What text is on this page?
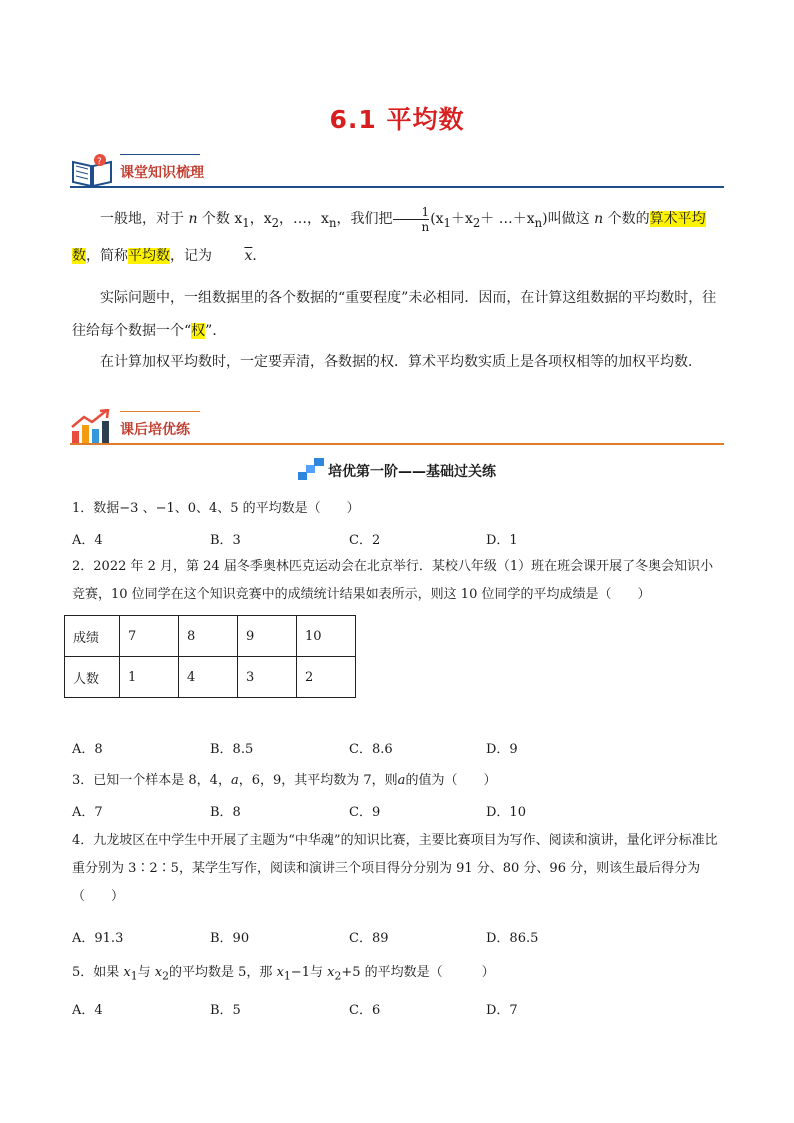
6.1 平均数
?
课堂知识梳理

一般地，对于 n 个数 $x_1$，$x_2$，…，$x_n$，我们把 $\frac{1}{n} (x_1+x_2+$ $\dots+x_n$)叫做这 n 个数的算术平均数，简称平均数，记为 $\overline{x}$．

实际问题中，一组数据里的各个数据的“重要程度”未必相同．因而，在计算这组数据的平均数时，往往给每个数据一个“权”．

在计算加权平均数时，一定要弄清，各数据的权．算术平均数实质上是各项权相等的加权平均数．

课后培优练
培优第一阶——基础过关练

1．数据−3 、−1、0、4、5 的平均数是（　　）

A．4	B．3	C．2	D．1

2．2022 年 2 月，第 24 届冬季奥林匹克运动会在北京举行．某校八年级（1）班在班会课开展了冬奥会知识小竞赛，10 位同学在这个知识竞赛中的成绩统计结果如表所示，则这 10 位同学的平均成绩是（　　）

成绩	7	8	9	10
人数	1	4	3	2
A．8	B．8.5	C．8.6	D．9

3．已知一个样本是 8，4，a，6，9，其平均数为 7，则a的值为（　　）

A．7	B．8	C．9	D．10

4．九龙坡区在中学生中开展了主题为“中华魂”的知识比赛，主要比赛项目为写作、阅读和演讲，量化评分标准比重分别为 3∶2∶5，某学生写作，阅读和演讲三个项目得分分别为 91 分、80 分、96 分，则该生最后得分为（　　）

A．91.3	B．90	C．89	D．86.5

5．如果 $x_1$与 $x_2$的平均数是 5，那 $x_1-1$与 $x_2+5$ 的平均数是（　　　）

A．4	B．5	C．6	D．7
